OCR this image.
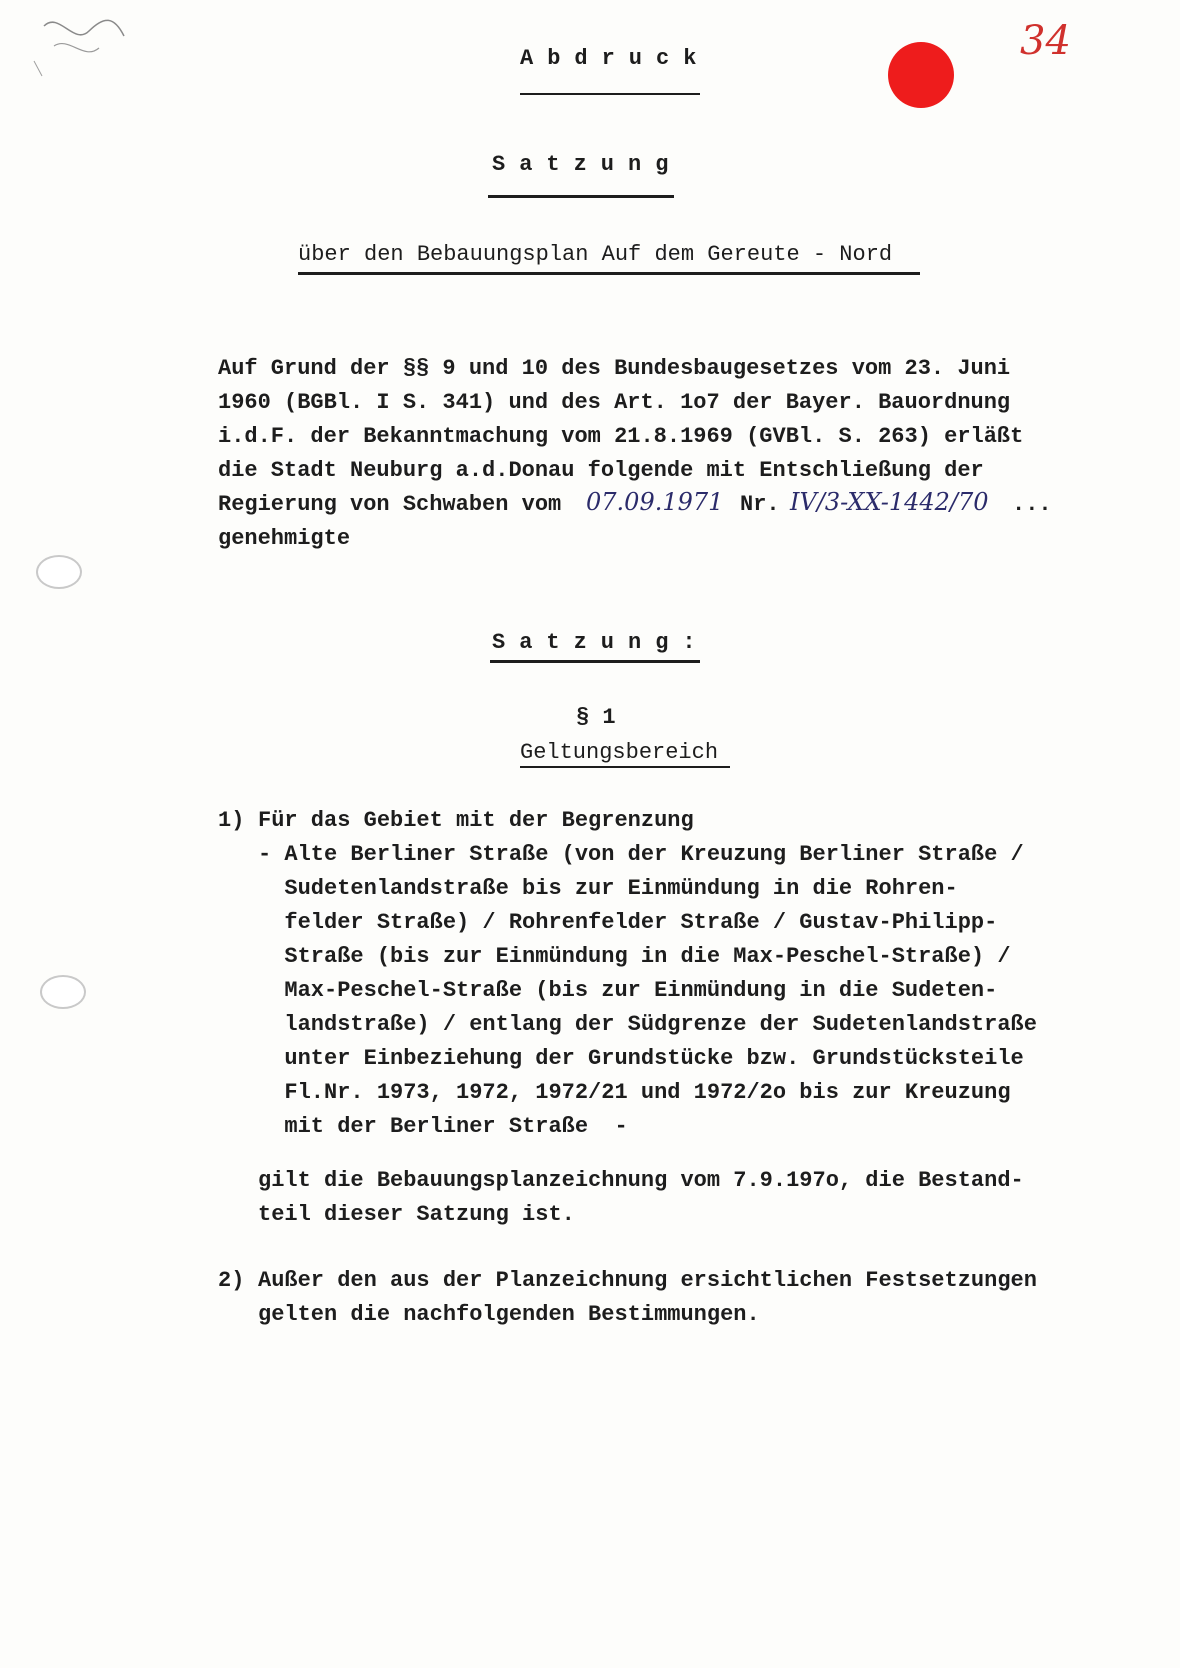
Abdruck	34
Satzung
über den Bebauungsplan Auf dem Gereute - Nord
Auf Grund der §§ 9 und 10 des Bundesbaugesetzes vom 23. Juni
1960 (BGBl. I S. 341) und des Art. 1o7 der Bayer. Bauordnung
i.d.F. der Bekanntmachung vom 21.8.1969 (GVBl. S. 263) erläßt
die Stadt Neuburg a.d.Donau folgende mit Entschließung der
Regierung von Schwaben vom 07.09.1971 Nr. IV/3-XX-1442/70 ...
genehmigte
Satzung:
§ 1
Geltungsbereich
1) Für das Gebiet mit der Begrenzung
- Alte Berliner Straße (von der Kreuzung Berliner Straße /
Sudetenlandstraße bis zur Einmündung in die Rohren-
felder Straße) / Rohrenfelder Straße / Gustav-Philipp-
Straße (bis zur Einmündung in die Max-Peschel-Straße) /
Max-Peschel-Straße (bis zur Einmündung in die Sudeten-
landstraße) / entlang der Südgrenze der Sudetenlandstraße
unter Einbeziehung der Grundstücke bzw. Grundstücksteile
Fl.Nr. 1973, 1972, 1972/21 und 1972/2o bis zur Kreuzung
mit der Berliner Straße  -
gilt die Bebauungsplanzeichnung vom 7.9.197o, die Bestand-
teil dieser Satzung ist.
2) Außer den aus der Planzeichnung ersichtlichen Festsetzungen
gelten die nachfolgenden Bestimmungen.
